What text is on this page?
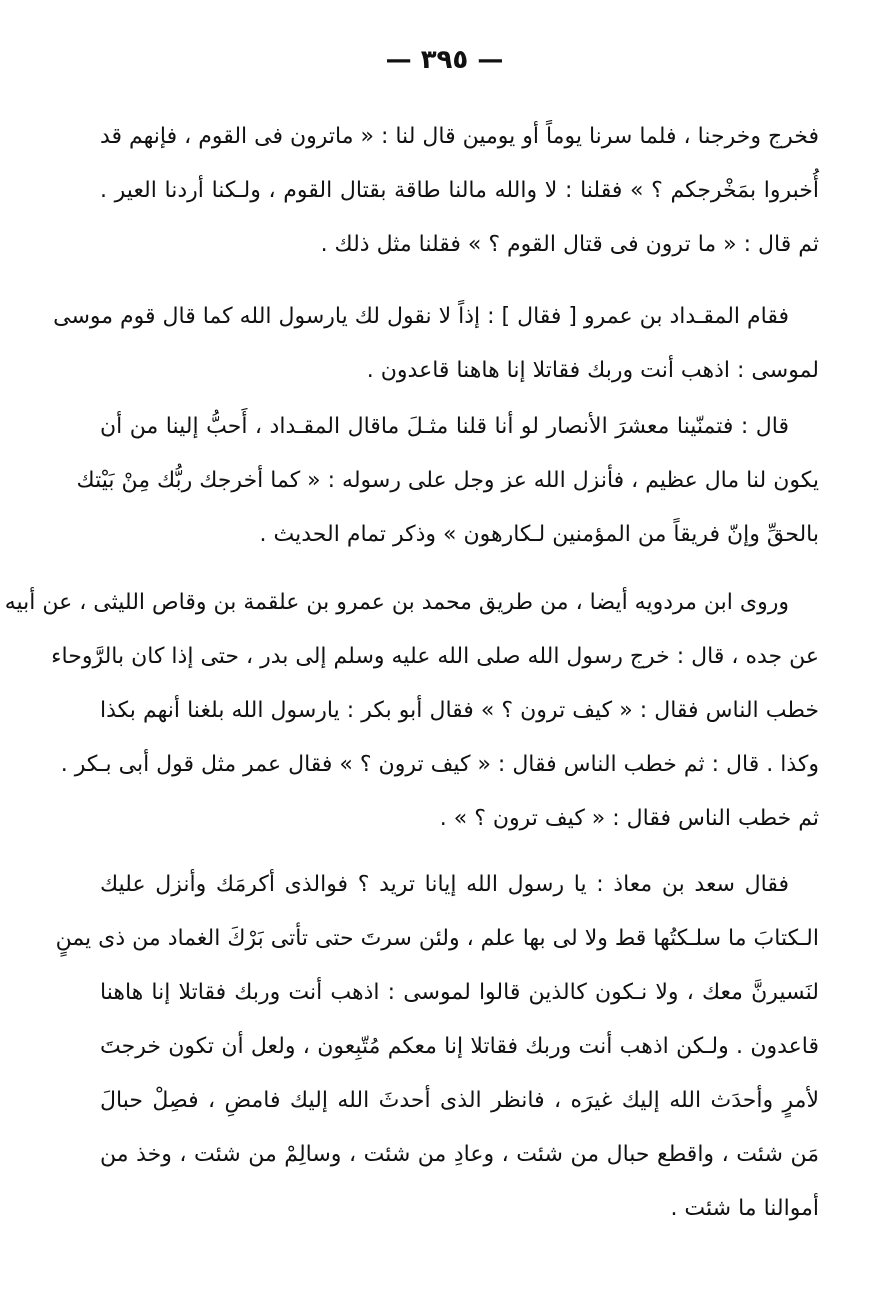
— ٣٩٥ —
فخرج وخرجنا ، فلما سرنا يوماً أو يومين قال لنا : « ماترون فى القوم ، فإنهم قد
أُخبروا بمَخْرجكم ؟ » فقلنا : لا والله مالنا طاقة بقتال القوم ، ولـكنا أردنا العير .
ثم قال : « ما ترون فى قتال القوم ؟ » فقلنا مثل ذلك .
فقام المقـداد بن عمرو [ فقال ] : إذاً لا نقول لك يارسول الله كما قال قوم موسى
لموسى : اذهب أنت وربك فقاتلا إنا هاهنا قاعدون .
قال : فتمنّينا معشرَ الأنصار لو أنا قلنا مثـلَ ماقال المقـداد ، أَحبُّ إلينا من أن
يكون لنا مال عظيم ، فأنزل الله عز وجل على رسوله : « كما أخرجك ربُّك مِنْ بَيْتك
بالحقِّ وإنّ فريقاً من المؤمنين لـكارهون » وذكر تمام الحديث .
وروى ابن مردويه أيضا ، من طريق محمد بن عمرو بن علقمة بن وقاص الليثى ، عن أبيه
عن جده ، قال : خرج رسول الله صلى الله عليه وسلم إلى بدر ، حتى إذا كان بالرَّوحاء
خطب الناس فقال : « كيف ترون ؟ » فقال أبو بكر : يارسول الله بلغنا أنهم بكذا
وكذا . قال : ثم خطب الناس فقال : « كيف ترون ؟ » فقال عمر مثل قول أبى بـكر .
ثم خطب الناس فقال : « كيف ترون ؟ » .
فقال سعد بن معاذ : يا رسول الله إيانا تريد ؟ فوالذى أكرمَك وأنزل عليك
الـكتابَ ما سلـكتُها قط ولا لى بها علم ، ولئن سرتَ حتى تأتى بَرْكَ الغماد من ذى يمنٍ
لنَسيرنَّ معك ، ولا نـكون كالذين قالوا لموسى : اذهب أنت وربك فقاتلا إنا هاهنا
قاعدون . ولـكن اذهب أنت وربك فقاتلا إنا معكم مُتّبِعون ، ولعل أن تكون خرجتَ
لأمرٍ وأحدَث الله إليك غيرَه ، فانظر الذى أحدثَ الله إليك فامضِ ، فصِلْ حبالَ
مَن شئت ، واقطع حبال من شئت ، وعادِ من شئت ، وسالِمْ من شئت ، وخذ من
أموالنا ما شئت .
